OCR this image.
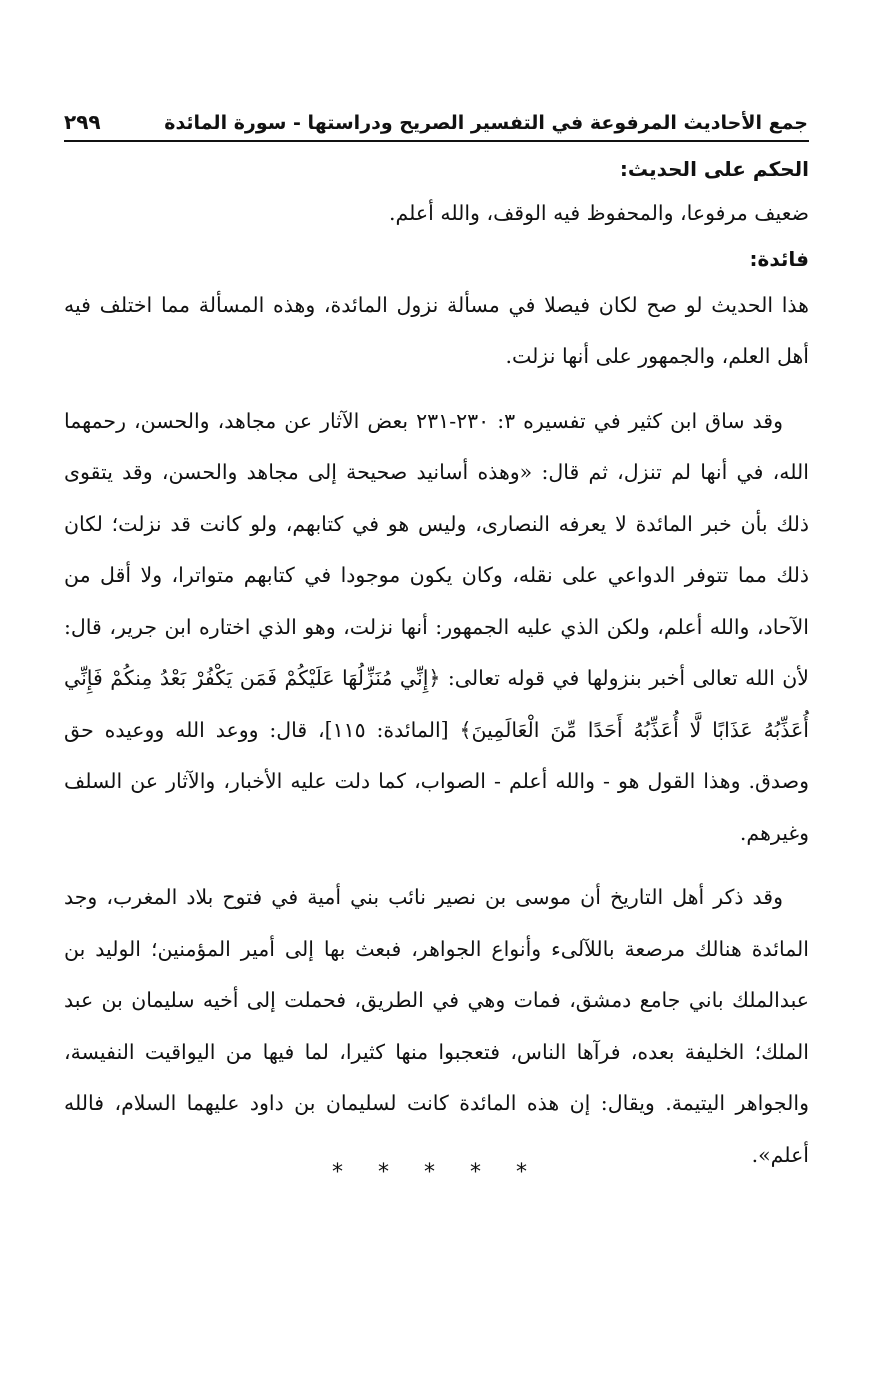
جمع الأحاديث المرفوعة في التفسير الصريح ودراستها - سورة المائدة
٢٩٩

الحكم على الحديث:

ضعيف مرفوعا، والمحفوظ فيه الوقف، والله أعلم.

فائدة:

هذا الحديث لو صح لكان فيصلا في مسألة نزول المائدة، وهذه المسألة مما اختلف فيه أهل العلم، والجمهور على أنها نزلت.

وقد ساق ابن كثير في تفسيره ٣: ٢٣٠-٢٣١ بعض الآثار عن مجاهد، والحسن، رحمهما الله، في أنها لم تنزل، ثم قال: «وهذه أسانيد صحيحة إلى مجاهد والحسن، وقد يتقوى ذلك بأن خبر المائدة لا يعرفه النصارى، وليس هو في كتابهم، ولو كانت قد نزلت؛ لكان ذلك مما تتوفر الدواعي على نقله، وكان يكون موجودا في كتابهم متواترا، ولا أقل من الآحاد، والله أعلم، ولكن الذي عليه الجمهور: أنها نزلت، وهو الذي اختاره ابن جرير، قال: لأن الله تعالى أخبر بنزولها في قوله تعالى: ﴿إِنِّي مُنَزِّلُهَا عَلَيْكُمْ فَمَن يَكْفُرْ بَعْدُ مِنكُمْ فَإِنِّي أُعَذِّبُهُ عَذَابًا لَّا أُعَذِّبُهُ أَحَدًا مِّنَ الْعَالَمِينَ﴾ [المائدة: ١١٥]، قال: ووعد الله ووعيده حق وصدق. وهذا القول هو - والله أعلم - الصواب، كما دلت عليه الأخبار، والآثار عن السلف وغيرهم.

وقد ذكر أهل التاريخ أن موسى بن نصير نائب بني أمية في فتوح بلاد المغرب، وجد المائدة هنالك مرصعة باللآلىء وأنواع الجواهر، فبعث بها إلى أمير المؤمنين؛ الوليد بن عبدالملك باني جامع دمشق، فمات وهي في الطريق، فحملت إلى أخيه سليمان بن عبد الملك؛ الخليفة بعده، فرآها الناس، فتعجبوا منها كثيرا، لما فيها من اليواقيت النفيسة، والجواهر اليتيمة. ويقال: إن هذه المائدة كانت لسليمان بن داود عليهما السلام، فالله أعلم».

* * * * *
